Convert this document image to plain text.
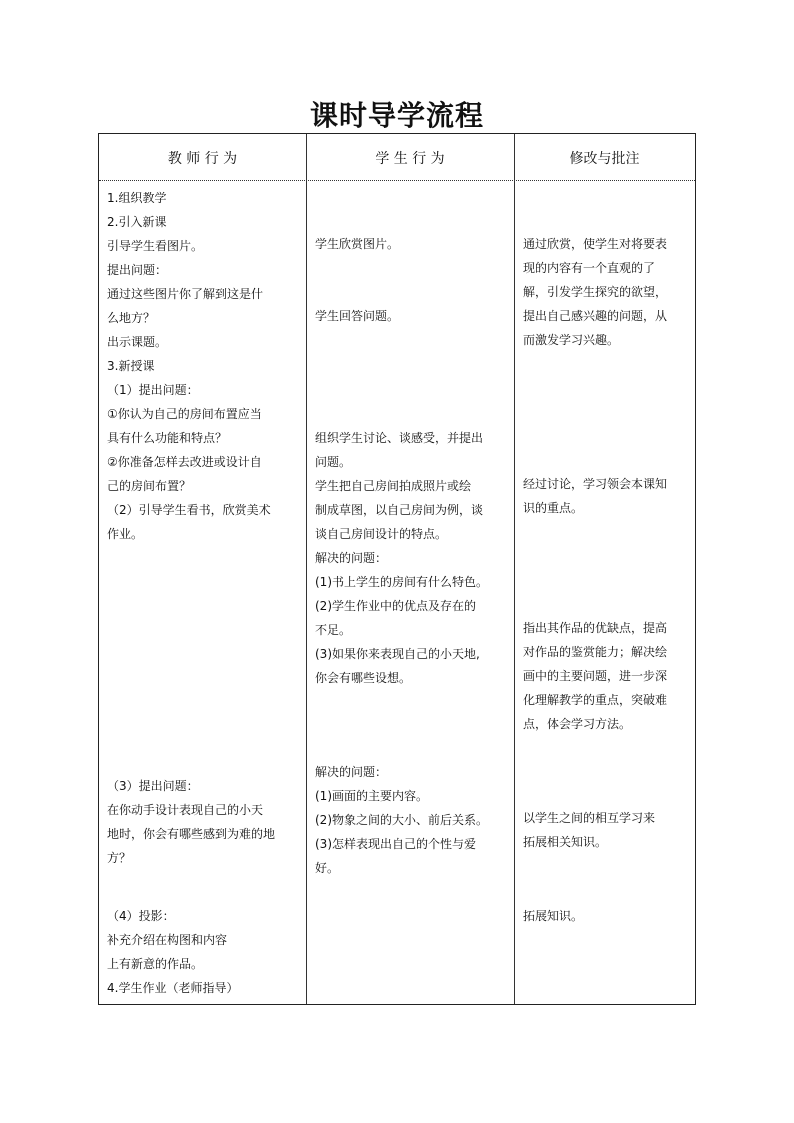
课时导学流程
教 师 行 为	学 生 行 为	修改与批注
1.组织教学
2.引入新课
引导学生看图片。
提出问题：
通过这些图片你了解到这是什
么地方？
出示课题。
3.新授课
（1）提出问题：
①你认为自己的房间布置应当
具有什么功能和特点？
②你准备怎样去改进或设计自
己的房间布置？
（2）引导学生看书，欣赏美术
作业。
（3）提出问题：
在你动手设计表现自己的小天
地时，你会有哪些感到为难的地
方？
（4）投影：
补充介绍在构图和内容
上有新意的作品。
4.学生作业（老师指导）
学生欣赏图片。
学生回答问题。
组织学生讨论、谈感受，并提出
问题。
学生把自己房间拍成照片或绘
制成草图，以自己房间为例，谈
谈自己房间设计的特点。
解决的问题：
(1)书上学生的房间有什么特色。
(2)学生作业中的优点及存在的
不足。
(3)如果你来表现自己的小天地,
你会有哪些设想。
解决的问题：
(1)画面的主要内容。
(2)物象之间的大小、前后关系。
(3)怎样表现出自己的个性与爱
好。
通过欣赏，使学生对将要表
现的内容有一个直观的了
解，引发学生探究的欲望，
提出自己感兴趣的问题，从
而激发学习兴趣。
经过讨论，学习领会本课知
识的重点。
指出其作品的优缺点，提高
对作品的鉴赏能力；解决绘
画中的主要问题，进一步深
化理解教学的重点，突破难
点，体会学习方法。
以学生之间的相互学习来
拓展相关知识。
拓展知识。
